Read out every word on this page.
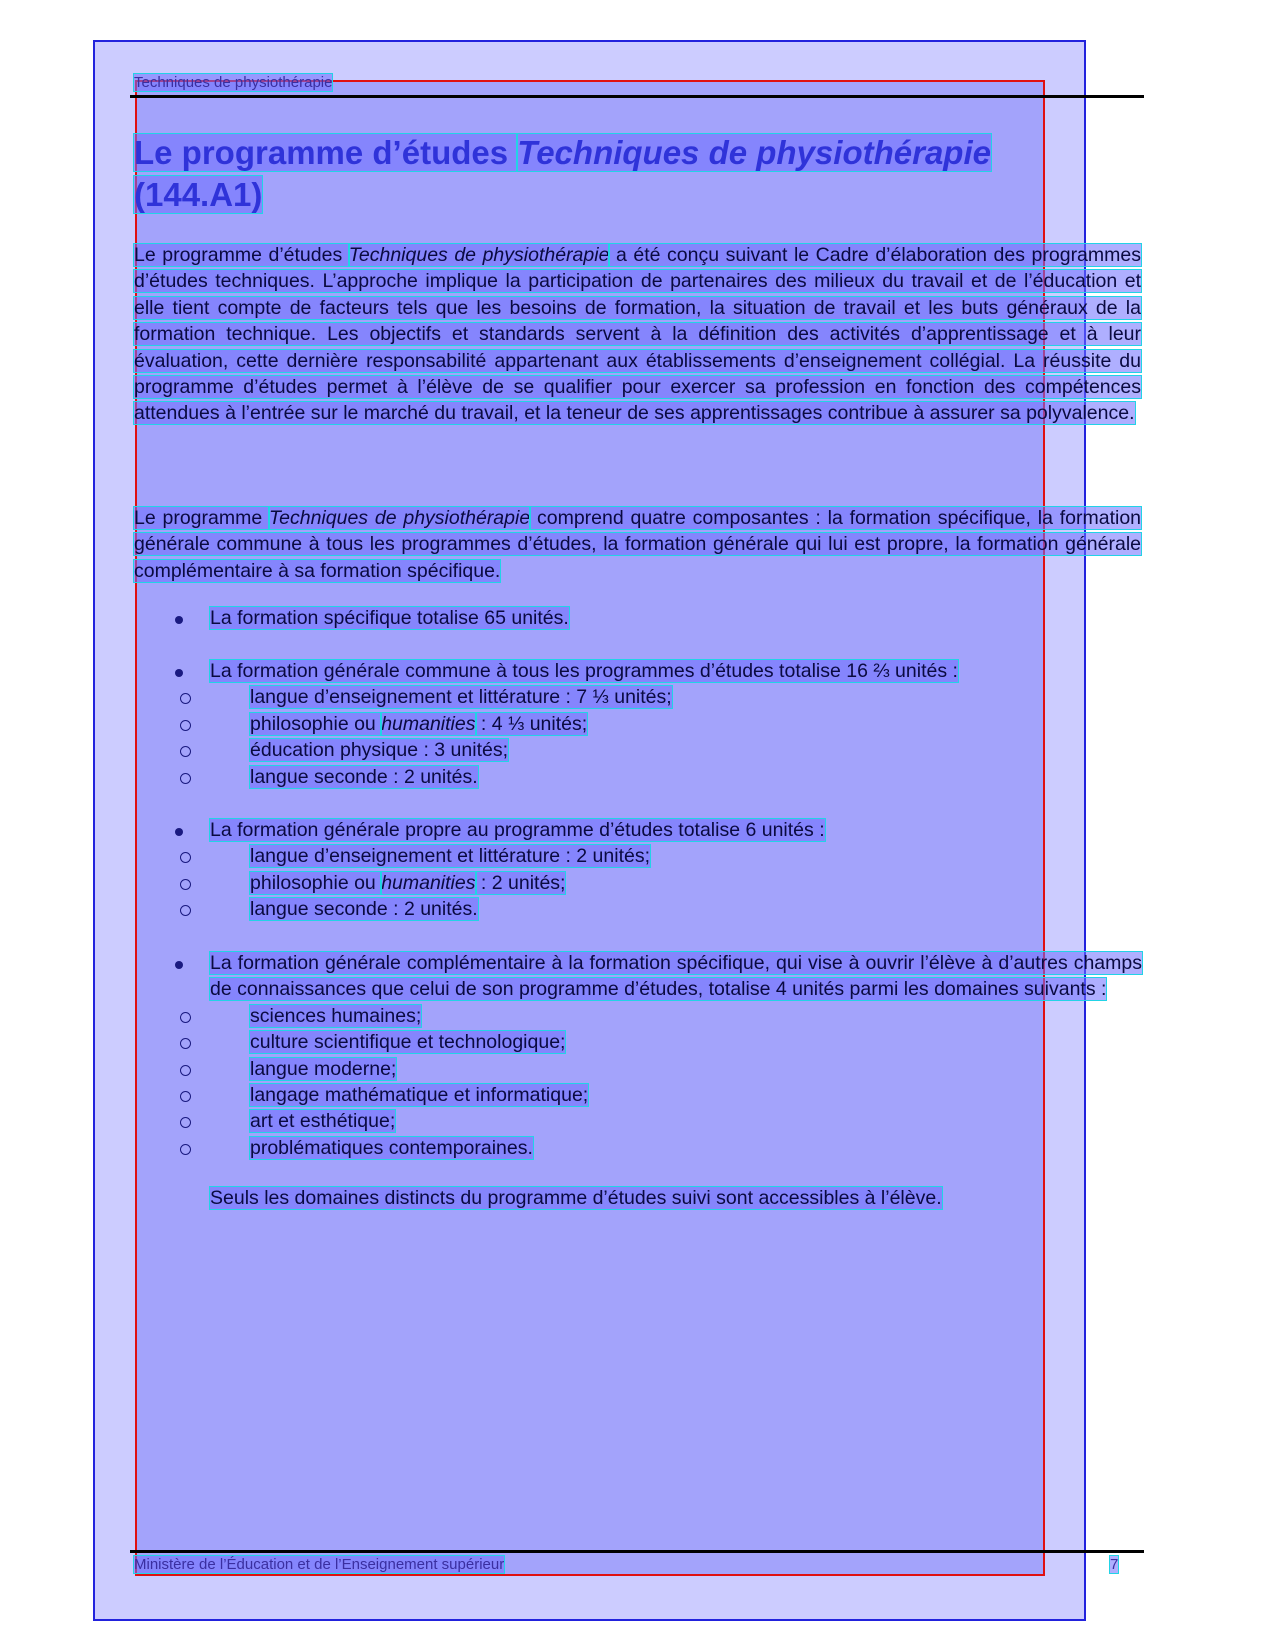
Techniques de physiothérapie
Le programme d’études Techniques de physiothérapie
(144.A1)

Le programme d’études Techniques de physiothérapie a été conçu suivant le Cadre d’élaboration des programmes d’études techniques. L’approche implique la participation de partenaires des milieux du travail et de l’éducation et elle tient compte de facteurs tels que les besoins de formation, la situation de travail et les buts généraux de la formation technique. Les objectifs et standards servent à la définition des activités d’apprentissage et à leur évaluation, cette dernière responsabilité appartenant aux établissements d’enseignement collégial. La réussite du programme d’études permet à l’élève de se qualifier pour exercer sa profession en fonction des compétences attendues à l’entrée sur le marché du travail, et la teneur de ses apprentissages contribue à assurer sa polyvalence.

Le programme Techniques de physiothérapie comprend quatre composantes : la formation spécifique, la formation générale commune à tous les programmes d’études, la formation générale qui lui est propre, la formation générale complémentaire à sa formation spécifique.

La formation spécifique totalise 65 unités.
La formation générale commune à tous les programmes d’études totalise 16 ⅔ unités :
langue d’enseignement et littérature : 7 ⅓ unités;
philosophie ou humanities : 4 ⅓ unités;
éducation physique : 3 unités;
langue seconde : 2 unités.
La formation générale propre au programme d’études totalise 6 unités :
langue d’enseignement et littérature : 2 unités;
philosophie ou humanities : 2 unités;
langue seconde : 2 unités.
La formation générale complémentaire à la formation spécifique, qui vise à ouvrir l’élève à d’autres champs de connaissances que celui de son programme d’études, totalise 4 unités parmi les domaines suivants :
sciences humaines;
culture scientifique et technologique;
langue moderne;
langage mathématique et informatique;
art et esthétique;
problématiques contemporaines.
Seuls les domaines distincts du programme d’études suivi sont accessibles à l’élève.
Ministère de l’Éducation et de l’Enseignement supérieur	7
